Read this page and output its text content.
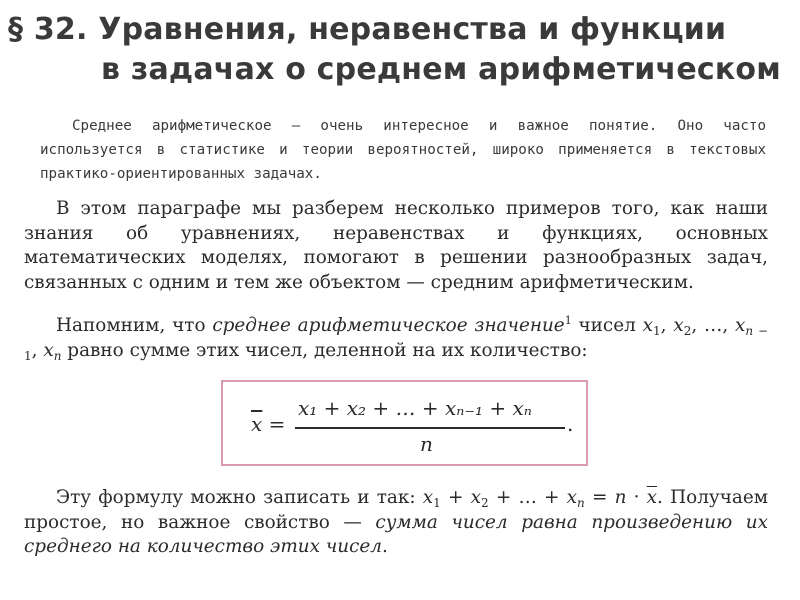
§ 32. Уравнения, неравенства и функции
в задачах о среднем арифметическом

Среднее арифметическое — очень интересное и важное понятие. Оно часто используется в статистике и теории вероятностей, широко применяется в текстовых практико-ориентированных задачах.

В этом параграфе мы разберем несколько примеров того, как наши знания об уравнениях, неравенствах и функциях, основных математических моделях, помогают в решении разнообразных задач, связанных с одним и тем же объектом — средним арифметическим.

Напомним, что среднее арифметическое значение$^1$ чисел $x_1$, $x_2$, …, $x_{n - 1}$, $x_n$ равно сумме этих чисел, деленной на их количество:

$\overline{x}$ =
x₁ + x₂ + … + xₙ₋₁ + xₙ
n
.

Эту формулу можно записать и так: $x_1 + x_2$ + … + $x_n = n \cdot \overline{x}$. Получаем простое, но важное свойство — сумма чисел равна произведению их среднего на количество этих чисел.
